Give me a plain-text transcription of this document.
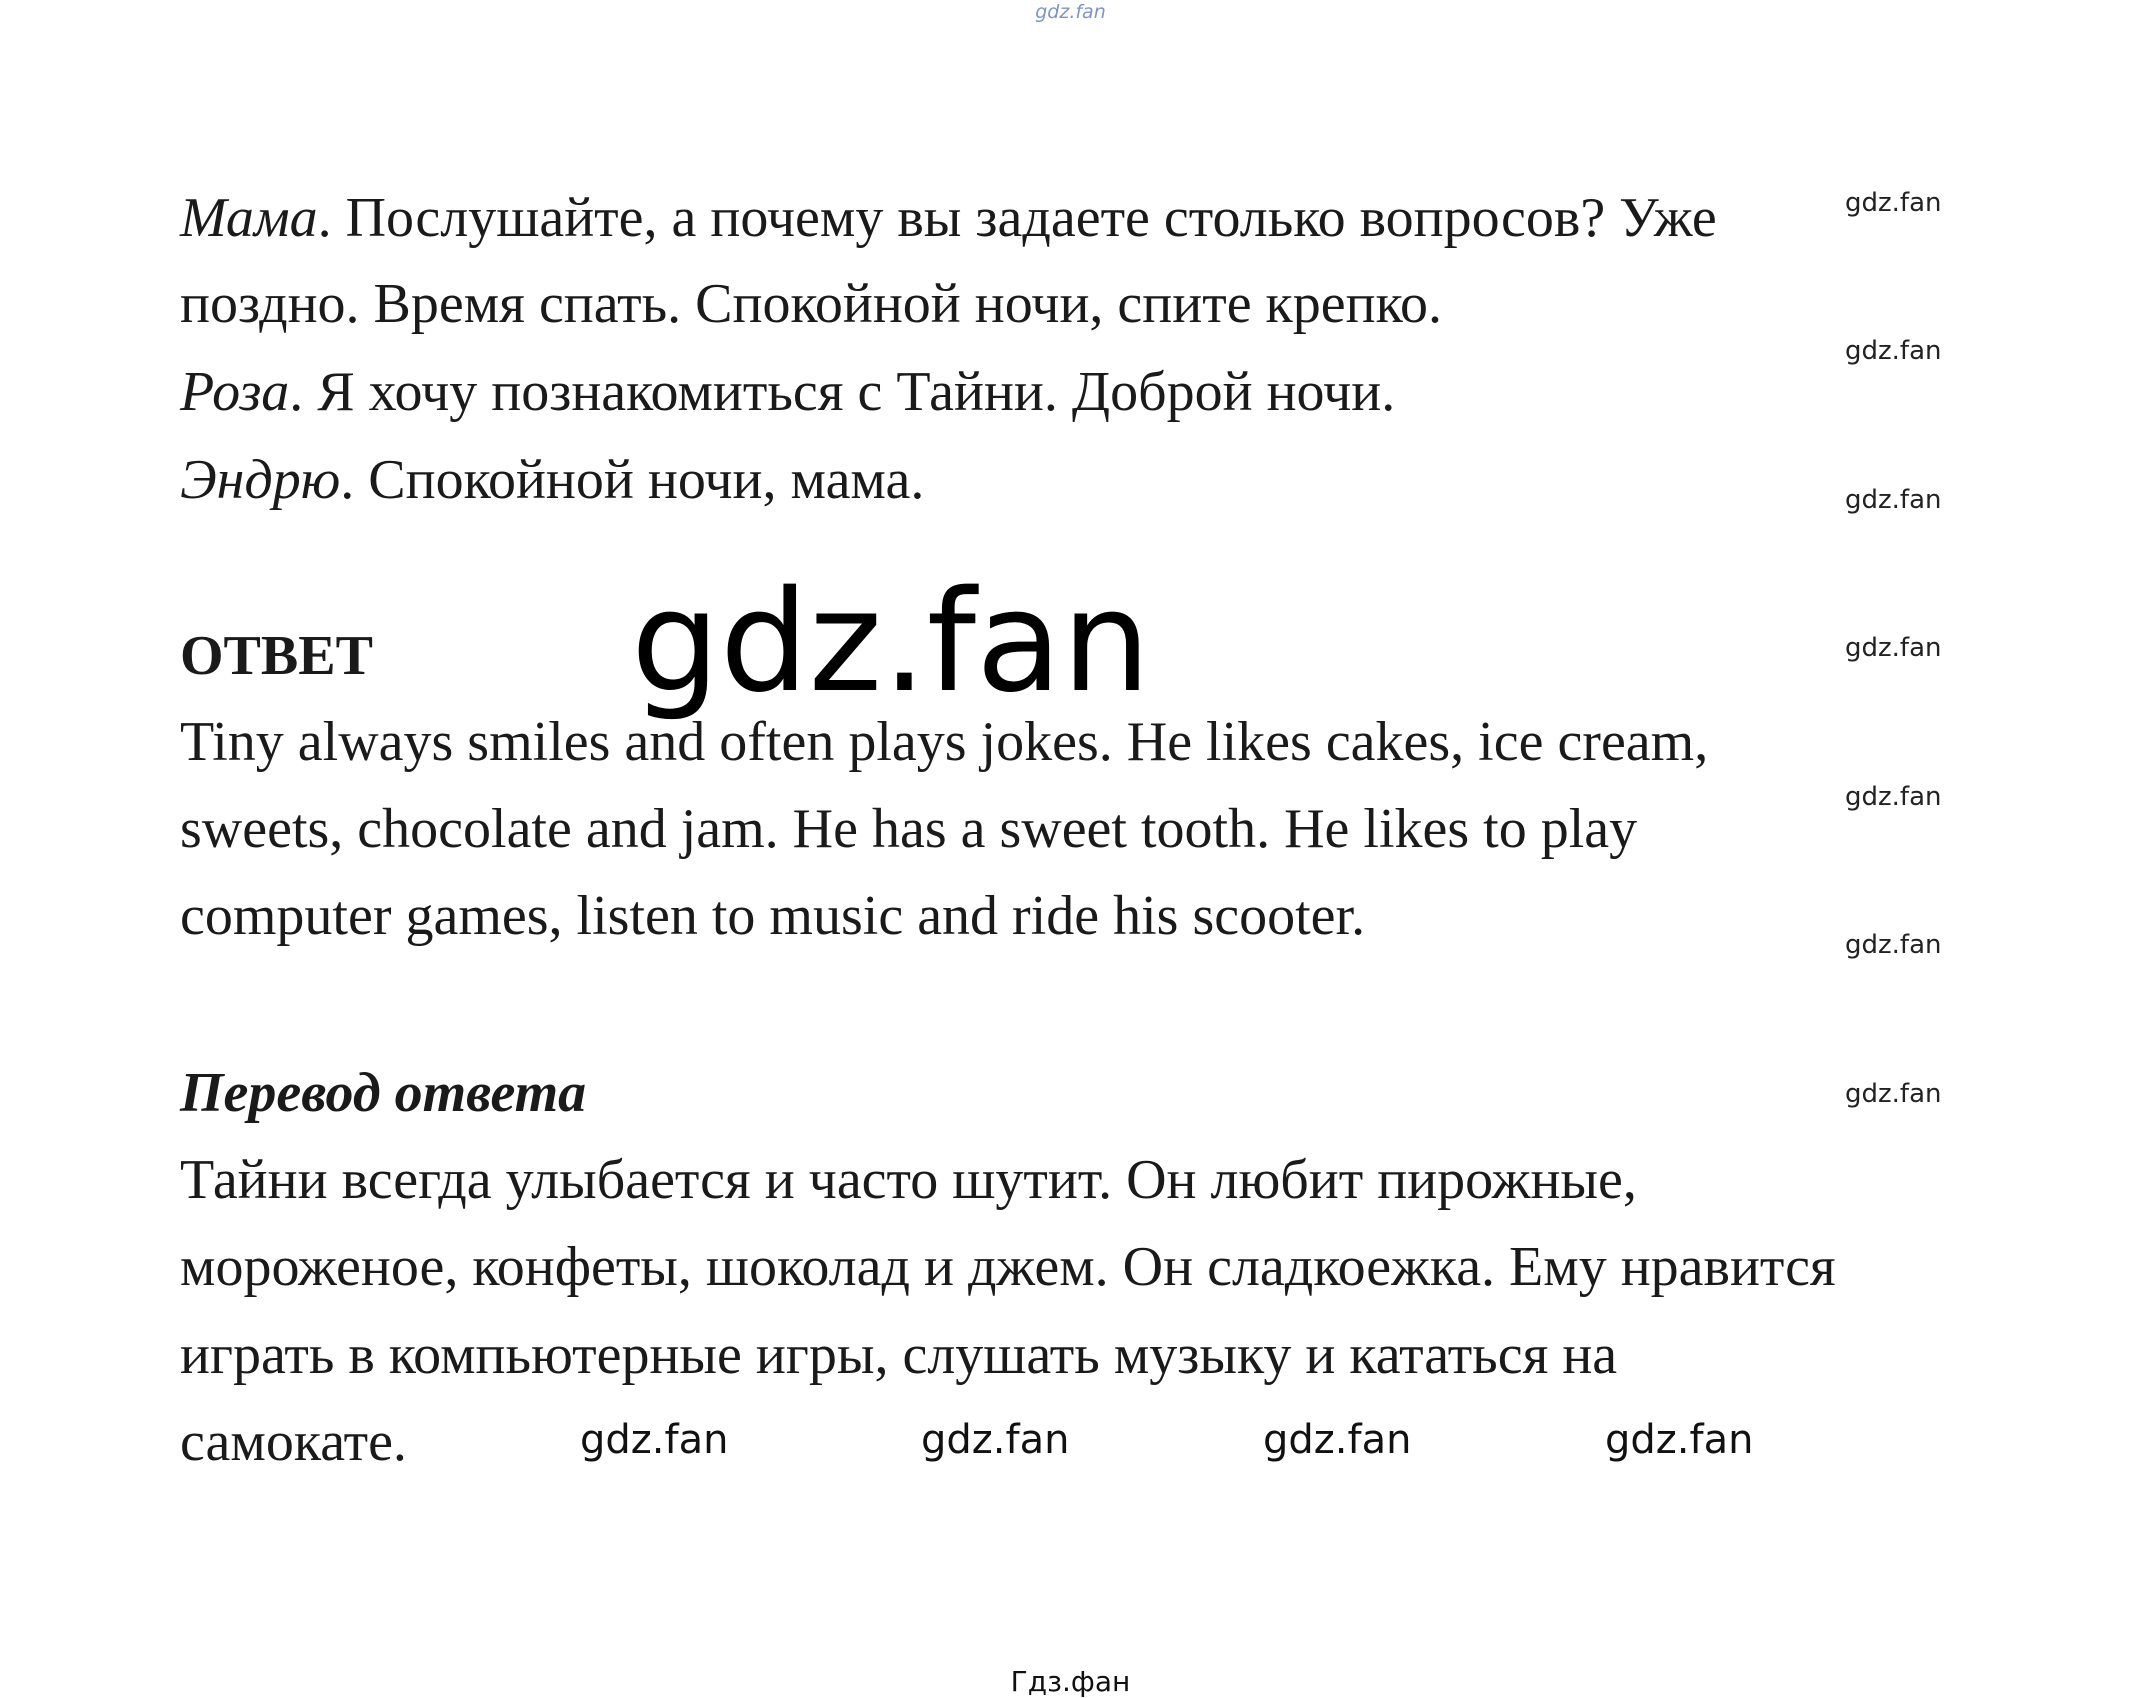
gdz.fan
Мама. Послушайте, а почему вы задаете столько вопросов? Уже
поздно. Время спать. Спокойной ночи, спите крепко.
Роза. Я хочу познакомиться с Тайни. Доброй ночи.
Эндрю. Спокойной ночи, мама.
ОТВЕТ
Tiny always smiles and often plays jokes. He likes cakes, ice cream,
sweets, chocolate and jam. He has a sweet tooth. He likes to play
computer games, listen to music and ride his scooter.
Перевод ответа
Тайни всегда улыбается и часто шутит. Он любит пирожные,
мороженое, конфеты, шоколад и джем. Он сладкоежка. Ему нравится
играть в компьютерные игры, слушать музыку и кататься на
самокате.
gdz.fan
gdz.fan
gdz.fan
gdz.fan
gdz.fan
gdz.fan
gdz.fan
gdz.fan
gdz.fan	gdz.fan	gdz.fan	gdz.fan
Гдз.фан
